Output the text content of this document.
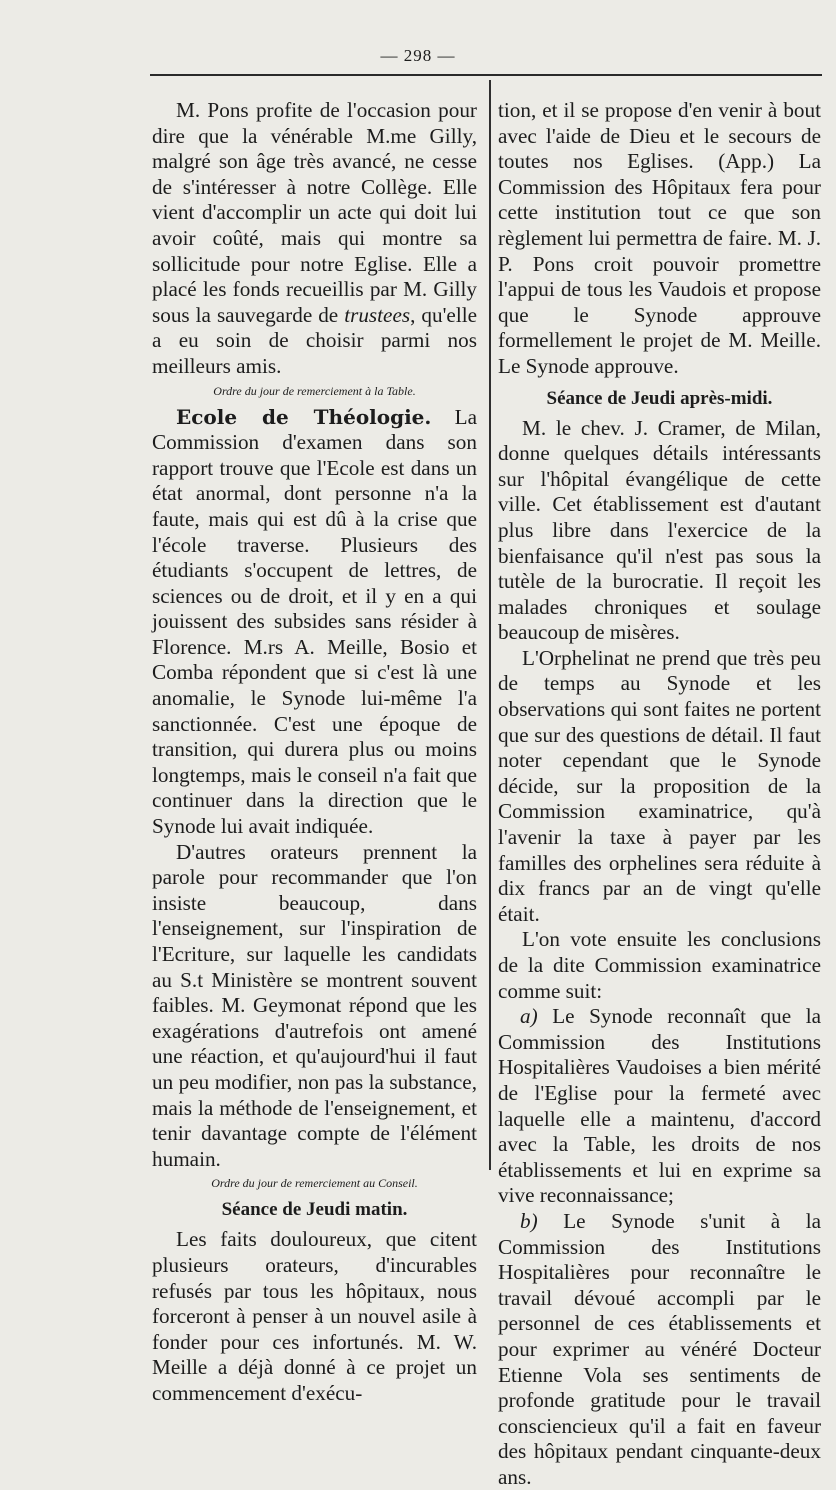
— 298 —

M. Pons profite de l'occasion pour dire que la vénérable M.me Gilly, malgré son âge très avancé, ne cesse de s'intéresser à notre Collège. Elle vient d'accomplir un acte qui doit lui avoir coûté, mais qui montre sa sollicitude pour notre Eglise. Elle a placé les fonds recueillis par M. Gilly sous la sauvegarde de trustees, qu'elle a eu soin de choisir parmi nos meilleurs amis.

Ordre du jour de remerciement à la Table.

Ecole de Théologie. La Commission d'examen dans son rapport trouve que l'Ecole est dans un état anormal, dont personne n'a la faute, mais qui est dû à la crise que l'école traverse. Plusieurs des étudiants s'occupent de lettres, de sciences ou de droit, et il y en a qui jouissent des subsides sans résider à Florence. M.rs A. Meille, Bosio et Comba répondent que si c'est là une anomalie, le Synode lui-même l'a sanctionnée. C'est une époque de transition, qui durera plus ou moins longtemps, mais le conseil n'a fait que continuer dans la direction que le Synode lui avait indiquée.

D'autres orateurs prennent la parole pour recommander que l'on insiste beaucoup, dans l'enseignement, sur l'inspiration de l'Ecriture, sur laquelle les candidats au S.t Ministère se montrent souvent faibles. M. Geymonat répond que les exagérations d'autrefois ont amené une réaction, et qu'aujourd'hui il faut un peu modifier, non pas la substance, mais la méthode de l'enseignement, et tenir davantage compte de l'élément humain.

Ordre du jour de remerciement au Conseil.

Séance de Jeudi matin.

Les faits douloureux, que citent plusieurs orateurs, d'incurables refusés par tous les hôpitaux, nous forceront à penser à un nouvel asile à fonder pour ces infortunés. M. W. Meille a déjà donné à ce projet un commencement d'exécu-

tion, et il se propose d'en venir à bout avec l'aide de Dieu et le secours de toutes nos Eglises. (App.) La Commission des Hôpitaux fera pour cette institution tout ce que son règlement lui permettra de faire. M. J. P. Pons croit pouvoir promettre l'appui de tous les Vaudois et propose que le Synode approuve formellement le projet de M. Meille. Le Synode approuve.

Séance de Jeudi après-midi.

M. le chev. J. Cramer, de Milan, donne quelques détails intéressants sur l'hôpital évangélique de cette ville. Cet établissement est d'autant plus libre dans l'exercice de la bienfaisance qu'il n'est pas sous la tutèle de la burocratie. Il reçoit les malades chroniques et soulage beaucoup de misères.

L'Orphelinat ne prend que très peu de temps au Synode et les observations qui sont faites ne portent que sur des questions de détail. Il faut noter cependant que le Synode décide, sur la proposition de la Commission examinatrice, qu'à l'avenir la taxe à payer par les familles des orphelines sera réduite à dix francs par an de vingt qu'elle était.

L'on vote ensuite les conclusions de la dite Commission examinatrice comme suit:

a) Le Synode reconnaît que la Commission des Institutions Hospitalières Vaudoises a bien mérité de l'Eglise pour la fermeté avec laquelle elle a maintenu, d'accord avec la Table, les droits de nos établissements et lui en exprime sa vive reconnaissance;

b) Le Synode s'unit à la Commission des Institutions Hospitalières pour reconnaître le travail dévoué accompli par le personnel de ces établissements et pour exprimer au vénéré Docteur Etienne Vola ses sentiments de profonde gratitude pour le travail consciencieux qu'il a fait en faveur des hôpitaux pendant cinquante-deux ans.
